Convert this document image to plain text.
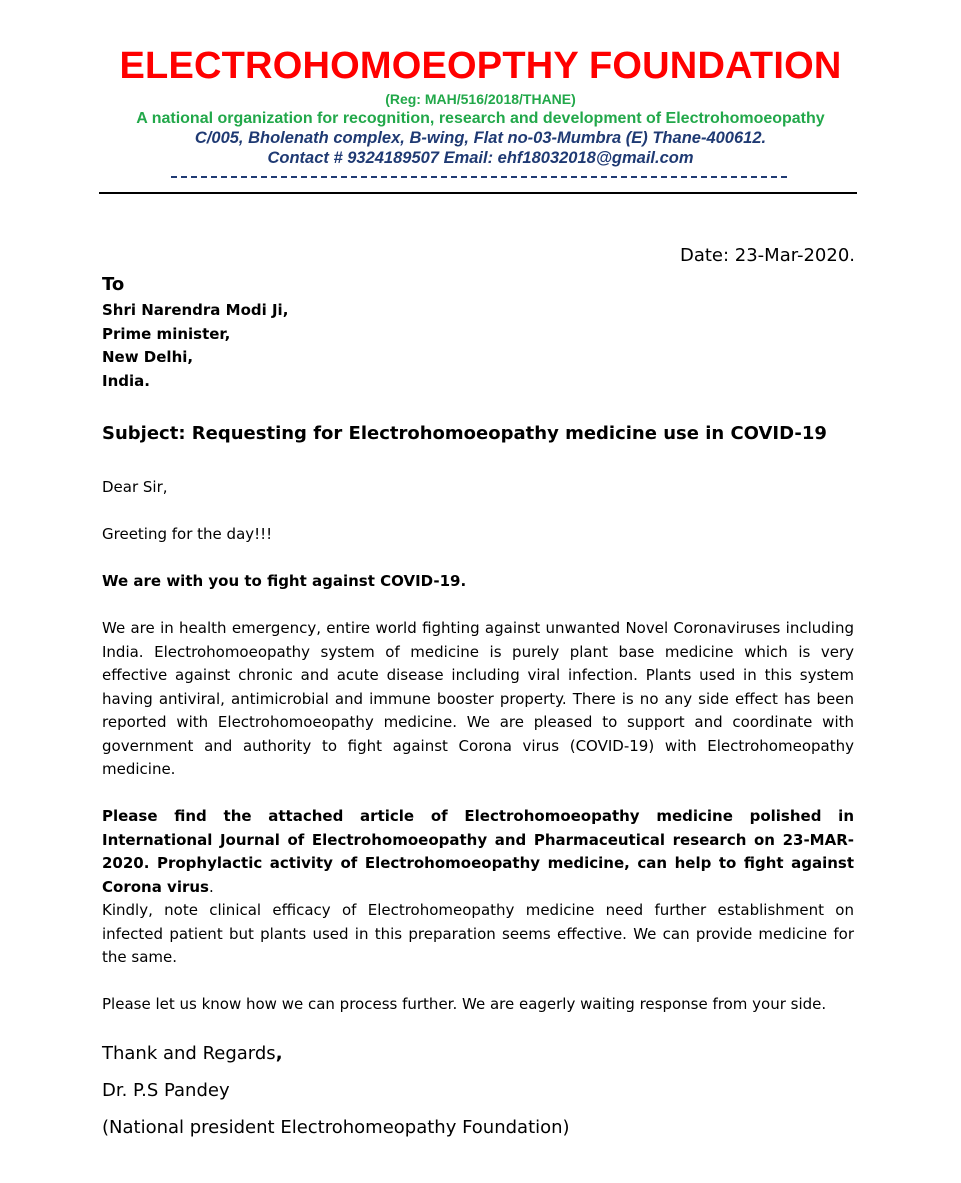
ELECTROHOMOEOPTHY FOUNDATION
(Reg: MAH/516/2018/THANE)
A national organization for recognition, research and development of Electrohomoeopathy
C/005, Bholenath complex, B-wing, Flat no-03-Mumbra (E) Thane-400612.
Contact # 9324189507 Email: ehf18032018@gmail.com
Date: 23-Mar-2020.
To
Shri Narendra Modi Ji,
Prime minister,
New Delhi,
India.
Subject: Requesting for Electrohomoeopathy medicine use in COVID-19
Dear Sir,
Greeting for the day!!!
We are with you to fight against COVID-19.
We are in health emergency, entire world fighting against unwanted Novel Coronaviruses including India. Electrohomoeopathy system of medicine is purely plant base medicine which is very effective against chronic and acute disease including viral infection. Plants used in this system having antiviral, antimicrobial and immune booster property. There is no any side effect has been reported with Electrohomoeopathy medicine. We are pleased to support and coordinate with government and authority to fight against Corona virus (COVID-19) with Electrohomeopathy medicine.
Please find the attached article of Electrohomoeopathy medicine polished in International Journal of Electrohomoeopathy and Pharmaceutical research on 23-MAR-2020. Prophylactic activity of Electrohomoeopathy medicine, can help to fight against Corona virus.
Kindly, note clinical efficacy of Electrohomeopathy medicine need further establishment on infected patient but plants used in this preparation seems effective. We can provide medicine for the same.
Please let us know how we can process further. We are eagerly waiting response from your side.
Thank and Regards,
Dr. P.S Pandey
(National president Electrohomeopathy Foundation)
